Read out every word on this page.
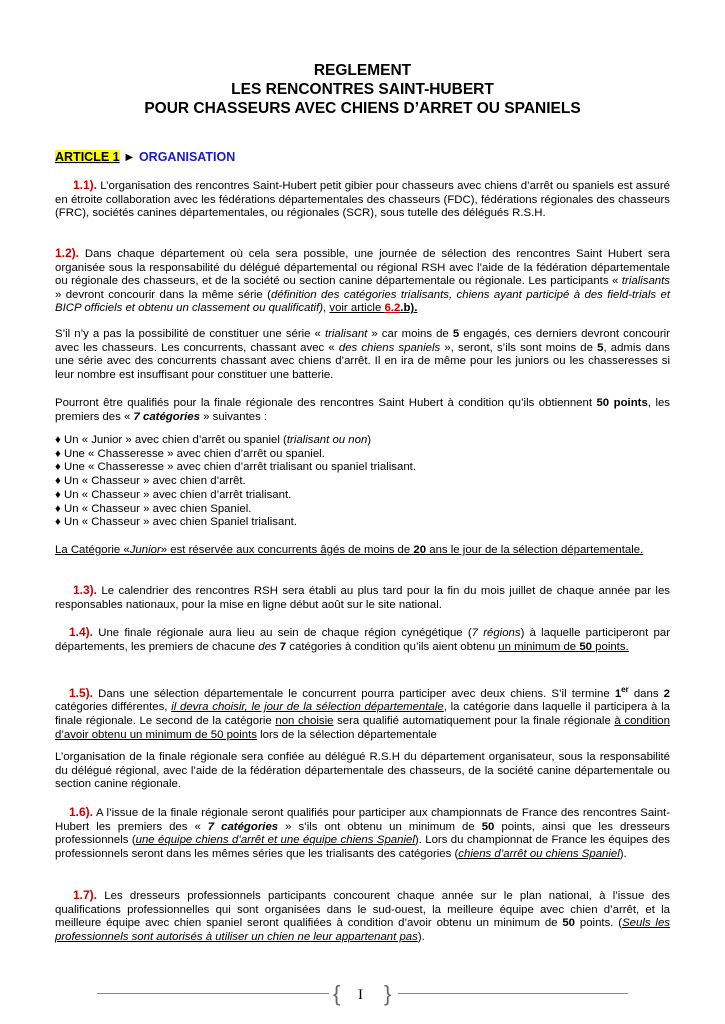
REGLEMENT
LES RENCONTRES SAINT-HUBERT
POUR CHASSEURS AVEC CHIENS D’ARRET OU SPANIELS
ARTICLE 1 ► ORGANISATION
1.1). L’organisation des rencontres Saint-Hubert petit gibier pour chasseurs avec chiens d’arrêt ou spaniels est assuré en étroite collaboration avec les fédérations départementales des chasseurs (FDC), fédérations régionales des chasseurs (FRC), sociétés canines départementales, ou régionales (SCR), sous tutelle des délégués R.S.H.
1.2). Dans chaque département où cela sera possible, une journée de sélection des rencontres Saint Hubert sera organisée sous la responsabilité du délégué départemental ou régional RSH avec l’aide de la fédération départementale ou régionale des chasseurs, et de la société ou section canine départementale ou régionale. Les participants « trialisants » devront concourir dans la même série (définition des catégories trialisants, chiens ayant participé à des field-trials et BICP officiels et obtenu un classement ou qualificatif), voir article 6.2.b).
S’il n’y a pas la possibilité de constituer une série « trialisant » car moins de 5 engagés, ces derniers devront concourir avec les chasseurs. Les concurrents, chassant avec « des chiens spaniels », seront, s’ils sont moins de 5, admis dans une série avec des concurrents chassant avec chiens d’arrêt. Il en ira de même pour les juniors ou les chasseresses si leur nombre est insuffisant pour constituer une batterie.
Pourront être qualifiés pour la finale régionale des rencontres Saint Hubert à condition qu’ils obtiennent 50 points, les premiers des « 7 catégories » suivantes :
♦ Un « Junior » avec chien d’arrêt ou spaniel (trialisant ou non)
♦ Une « Chasseresse » avec chien d’arrêt ou spaniel.
♦ Une « Chasseresse » avec chien d’arrêt trialisant ou spaniel trialisant.
♦ Un « Chasseur » avec chien d’arrêt.
♦ Un « Chasseur » avec chien d’arrêt trialisant.
♦ Un « Chasseur » avec chien Spaniel.
♦ Un « Chasseur » avec chien Spaniel trialisant.
La Catégorie «Junior» est réservée aux concurrents âgés de moins de 20 ans le jour de la sélection départementale.
1.3). Le calendrier des rencontres RSH sera établi au plus tard pour la fin du mois juillet de chaque année par les responsables nationaux, pour la mise en ligne début août sur le site national.
1.4). Une finale régionale aura lieu au sein de chaque région cynégétique (7 régions) à laquelle participeront par départements, les premiers de chacune des 7 catégories à condition qu’ils aient obtenu un minimum de 50 points.
1.5). Dans une sélection départementale le concurrent pourra participer avec deux chiens. S’il termine 1er dans 2 catégories différentes, il devra choisir, le jour de la sélection départementale, la catégorie dans laquelle il participera à la finale régionale. Le second de la catégorie non choisie sera qualifié automatiquement pour la finale régionale à condition d’avoir obtenu un minimum de 50 points lors de la sélection départementale
L’organisation de la finale régionale sera confiée au délégué R.S.H du département organisateur, sous la responsabilité du délégué régional, avec l’aide de la fédération départementale des chasseurs, de la société canine départementale ou section canine régionale.
1.6). A l’issue de la finale régionale seront qualifiés pour participer aux championnats de France des rencontres Saint-Hubert les premiers des « 7 catégories » s’ils ont obtenu un minimum de 50 points, ainsi que les dresseurs professionnels (une équipe chiens d’arrêt et une équipe chiens Spaniel). Lors du championnat de France les équipes des professionnels seront dans les mêmes séries que les trialisants des catégories (chiens d’arrêt ou chiens Spaniel).
1.7). Les dresseurs professionnels participants concourent chaque année sur le plan national, à l’issue des qualifications professionnelles qui sont organisées dans le sud-ouest, la meilleure équipe avec chien d’arrêt, et la meilleure équipe avec chien spaniel seront qualifiées à condition d’avoir obtenu un minimum de 50 points. (Seuls les professionnels sont autorisés à utiliser un chien ne leur appartenant pas).
{ I }
